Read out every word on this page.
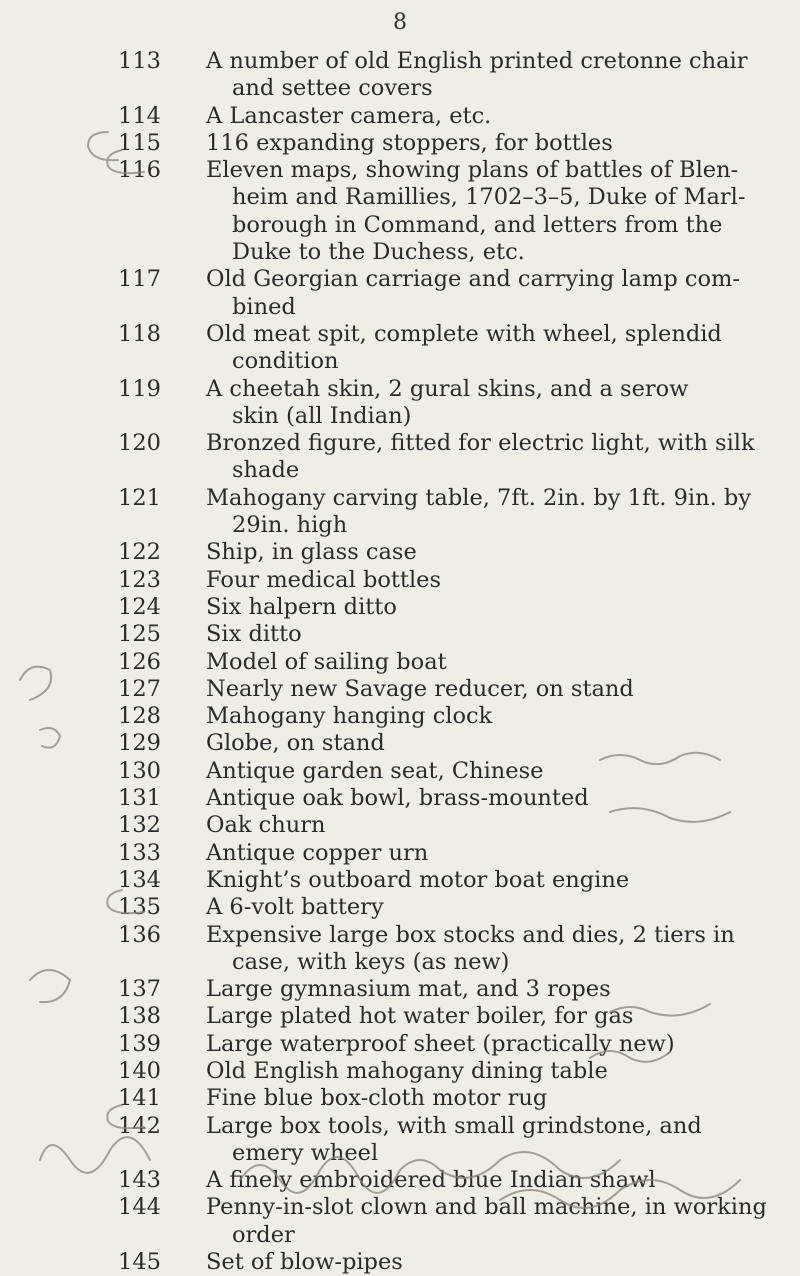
8
113	A number of old English printed cretonne chair
and settee covers
114	A Lancaster camera, etc.
115	116 expanding stoppers, for bottles
116	Eleven maps, showing plans of battles of Blen-
heim and Ramillies, 1702–3–5, Duke of Marl-
borough in Command, and letters from the
Duke to the Duchess, etc.
117	Old Georgian carriage and carrying lamp com-
bined
118	Old meat spit, complete with wheel, splendid
condition
119	A cheetah skin, 2 gural skins, and a serow
skin (all Indian)
120	Bronzed figure, fitted for electric light, with silk
shade
121	Mahogany carving table, 7ft. 2in. by 1ft. 9in. by
29in. high
122	Ship, in glass case
123	Four medical bottles
124	Six halpern ditto
125	Six ditto
126	Model of sailing boat
127	Nearly new Savage reducer, on stand
128	Mahogany hanging clock
129	Globe, on stand
130	Antique garden seat, Chinese
131	Antique oak bowl, brass-mounted
132	Oak churn
133	Antique copper urn
134	Knight’s outboard motor boat engine
135	A 6-volt battery
136	Expensive large box stocks and dies, 2 tiers in
case, with keys (as new)
137	Large gymnasium mat, and 3 ropes
138	Large plated hot water boiler, for gas
139	Large waterproof sheet (practically new)
140	Old English mahogany dining table
141	Fine blue box-cloth motor rug
142	Large box tools, with small grindstone, and
emery wheel
143	A finely embroidered blue Indian shawl
144	Penny-in-slot clown and ball machine, in working
order
145	Set of blow-pipes
